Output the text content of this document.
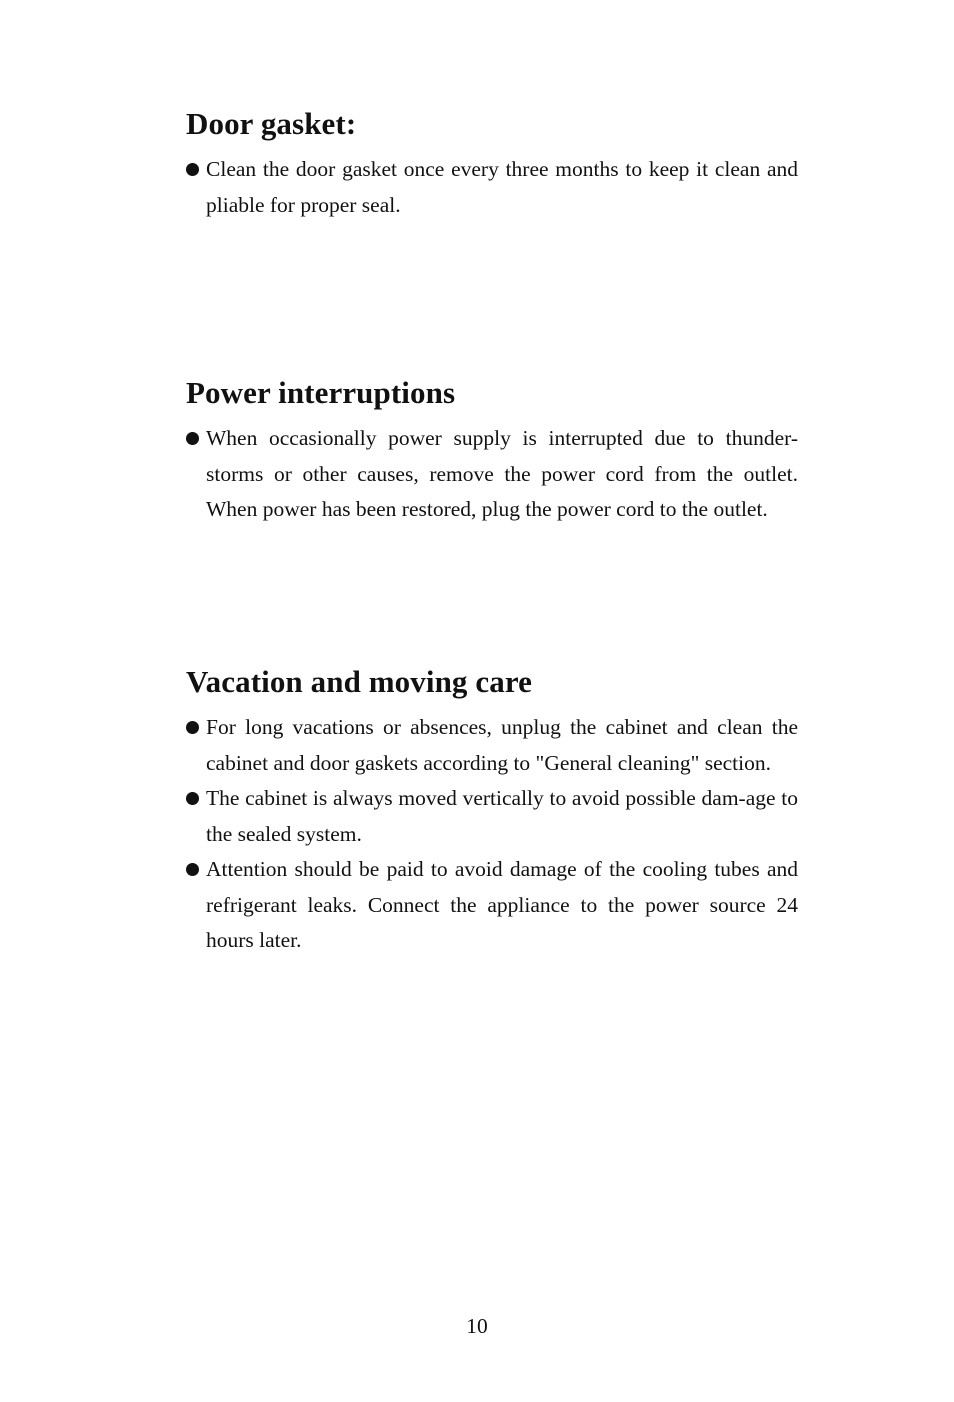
Door gasket:
Clean the door gasket once every three months to keep it clean and pliable for proper seal.
Power interruptions
When occasionally power supply is interrupted due to thunder-storms or other causes, remove the power cord from the outlet. When power has been restored, plug the power cord to the outlet.
Vacation and moving care
For long vacations or absences, unplug the cabinet and clean the cabinet and door gaskets according to "General cleaning" section.
The cabinet is always moved vertically to avoid possible dam-age to the sealed system.
Attention should be paid to avoid damage of the cooling tubes and refrigerant leaks. Connect the appliance to the power source 24 hours later.
10
